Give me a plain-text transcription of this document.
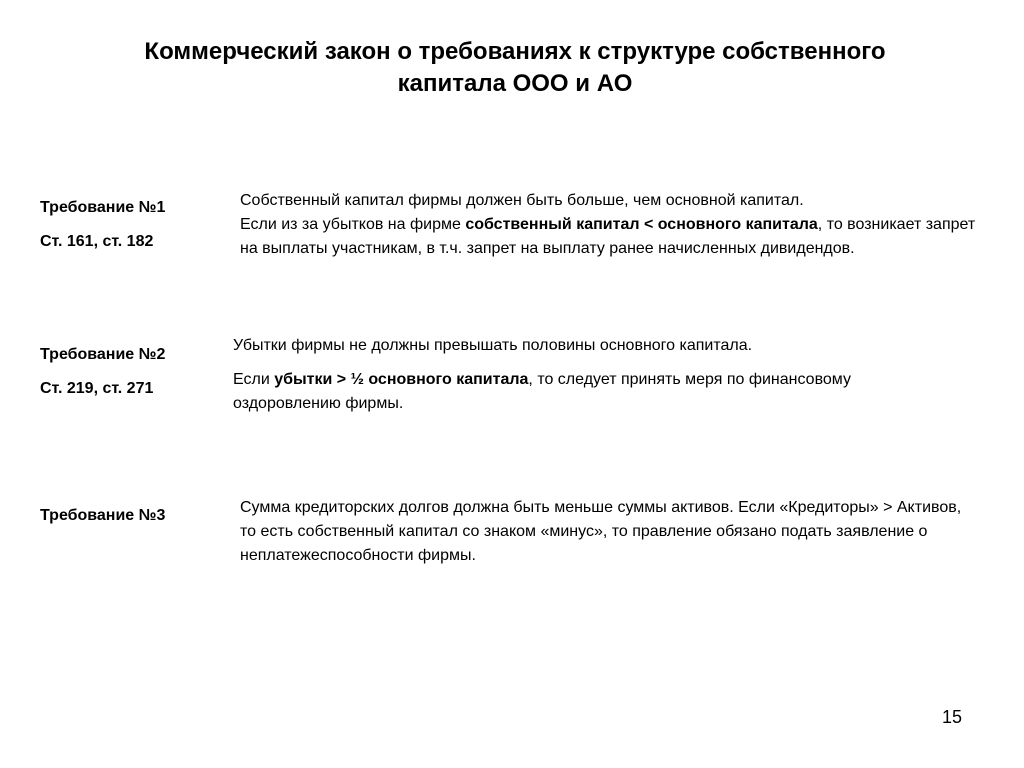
Коммерческий закон о требованиях к структуре собственного
капитала ООО и АО
Требование №1
Ст. 161, ст. 182

Собственный капитал фирмы должен быть больше, чем основной капитал.

Если из за убытков на фирме собственный капитал < основного капитала, то возникает запрет на выплаты участникам, в т.ч. запрет на выплату ранее начисленных дивидендов.

Требование №2
Ст. 219, ст. 271

Убытки фирмы не должны превышать половины основного капитала.

Если убытки > ½ основного капитала, то следует принять меря по финансовому оздоровлению фирмы.

Требование №3	Сумма кредиторских долгов должна быть меньше суммы активов. Если «Кредиторы» > Активов, то есть собственный капитал со знаком «минус», то правление обязано подать заявление о неплатежеспособности фирмы.

15
